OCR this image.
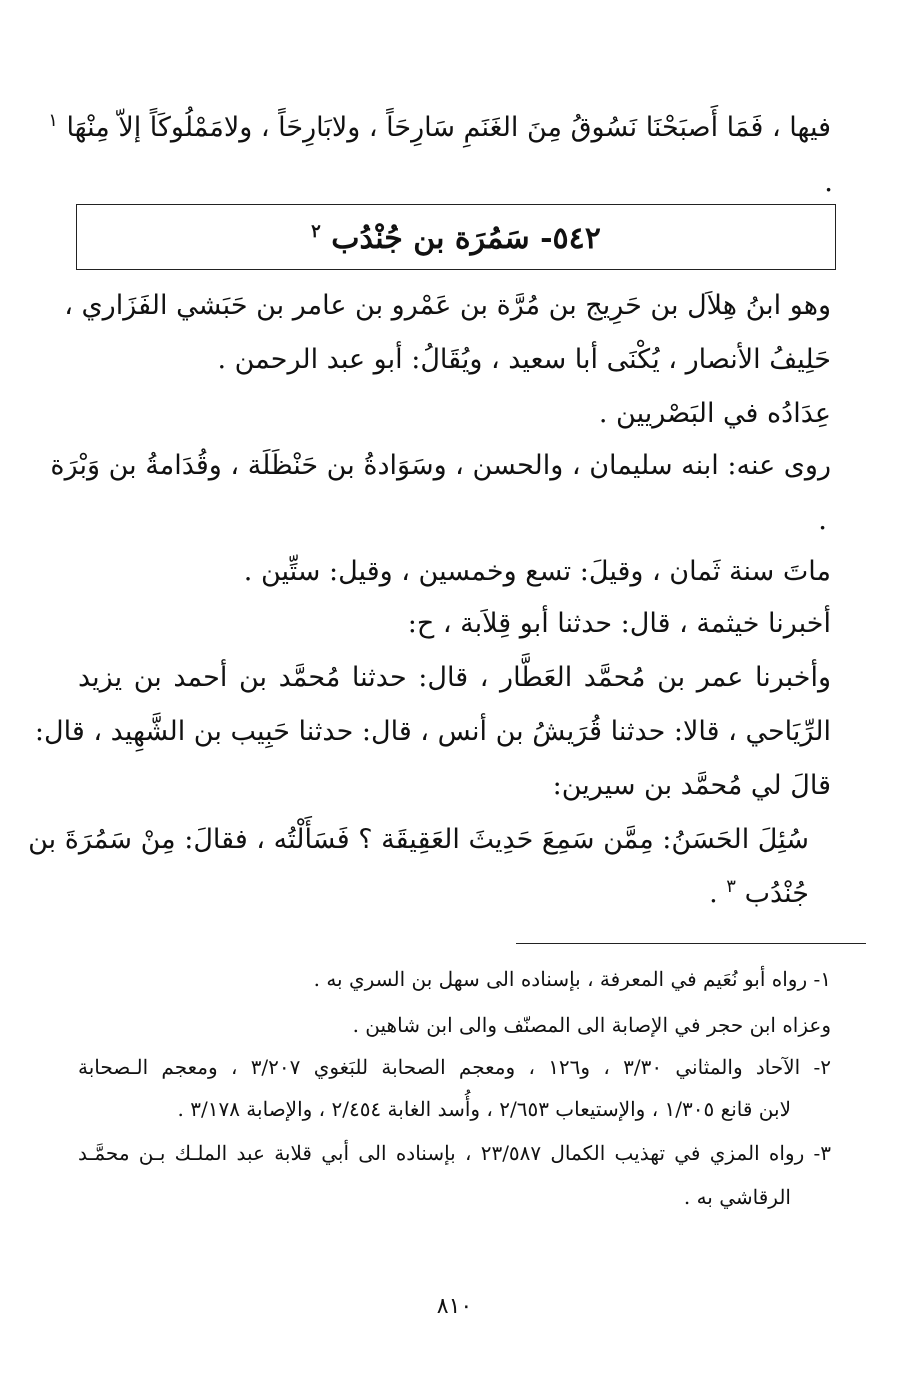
فيها ، فَمَا أَصبَحْنَا نَسُوقُ مِنَ الغَنَمِ سَارِحَاً ، ولابَارِحَاً ، ولامَمْلُوكَاً إلاّ مِنْهَا $^١$
.
٥٤٢- سَمُرَة بن جُنْدُب $^٢$
وهو ابنُ هِلاَل بن حَرِيج بن مُرَّة بن عَمْرو بن عامر بن حَبَشي الفَزَاري ،
حَلِيفُ الأنصار ، يُكْنَى أبا سعيد ، ويُقَالُ: أبو عبد الرحمن .
عِدَادُه في البَصْريين .
روى عنه: ابنه سليمان ، والحسن ، وسَوَادةُ بن حَنْظَلَة ، وقُدَامةُ بن وَبْرَة
.
ماتَ سنة ثَمان ، وقيلَ: تسع وخمسين ، وقيل: ستِّين .
أخبرنا خيثمة ، قال: حدثنا أبو قِلاَبة ، ح:
وأخبرنا عمر بن مُحمَّد العَطَّار ، قال: حدثنا مُحمَّد بن أحمد بن يزيد
الرِّيَاحي ، قالا: حدثنا قُرَيشُ بن أنس ، قال: حدثنا حَبِيب بن الشَّهِيد ، قال:
قالَ لي مُحمَّد بن سيرين:
سُئِلَ الحَسَنُ: مِمَّن سَمِعَ حَدِيثَ العَقِيقَة ؟ فَسَأَلْتُه ، فقالَ: مِنْ سَمُرَةَ بن
جُنْدُب $^٣$ .
١- رواه أبو نُعَيم في المعرفة ، بإسناده الى سهل بن السري به .
وعزاه ابن حجر في الإصابة الى المصنّف والى ابن شاهين .
٢- الآحاد والمثاني ٣/٣٠ ، و١٢٦ ، ومعجم الصحابة للبَغوي ٣/٢٠٧ ، ومعجم الـصحابة
لابن قانع ١/٣٠٥ ، والإستيعاب ٢/٦٥٣ ، وأُسد الغابة ٢/٤٥٤ ، والإصابة ٣/١٧٨ .
٣- رواه المزي في تهذيب الكمال ٢٣/٥٨٧ ، بإسناده الى أبي قلابة عبد الملـك بـن محمَّـد
الرقاشي به .
٨١٠
